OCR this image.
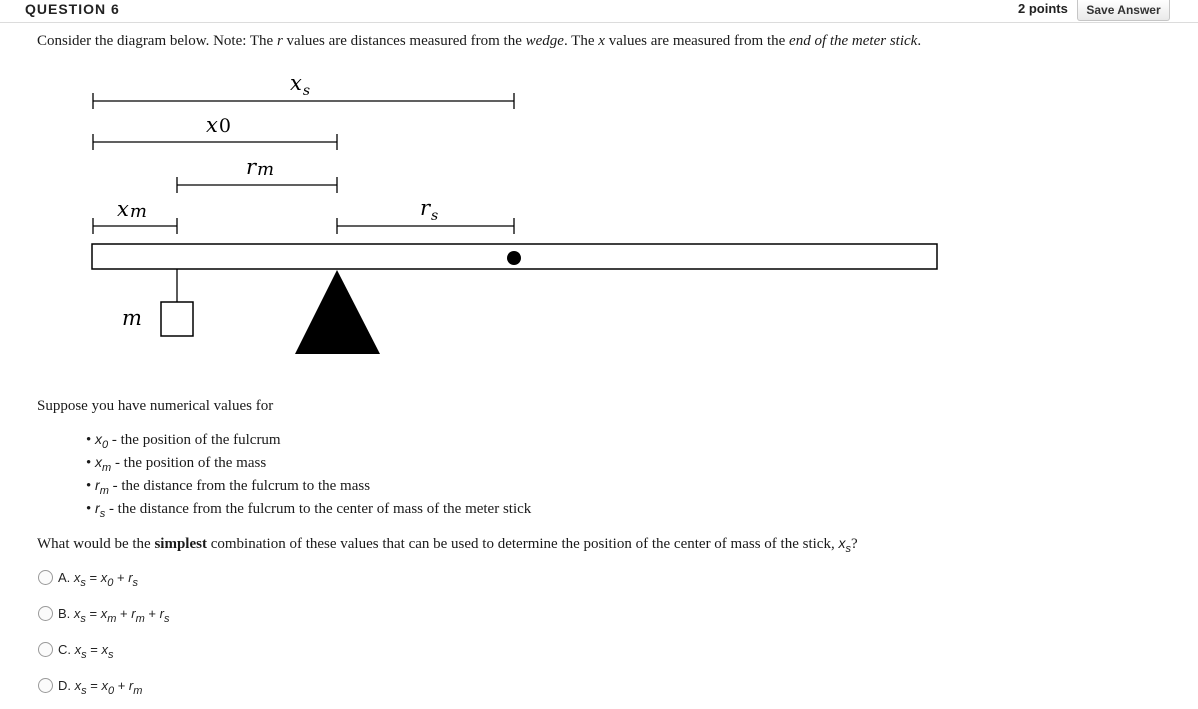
QUESTION 6	2 points	Save Answer
Consider the diagram below. Note: The r values are distances measured from the wedge. The x values are measured from the end of the meter stick.
$x_s$
x0
rm
xm	$r_s$
m
Suppose you have numerical values for
• $x_0$ - the position of the fulcrum
• $x_m$ - the position of the mass
• $r_m$ - the distance from the fulcrum to the mass
• $r_s$ - the distance from the fulcrum to the center of mass of the meter stick
What would be the simplest combination of these values that can be used to determine the position of the center of mass of the stick, $x_s$?
A. $x_s = x_0 + r_s$
B. $x_s = x_m + r_m + r_s$
C. $x_s = x_s$
D. $x_s = x_0 + r_m$
